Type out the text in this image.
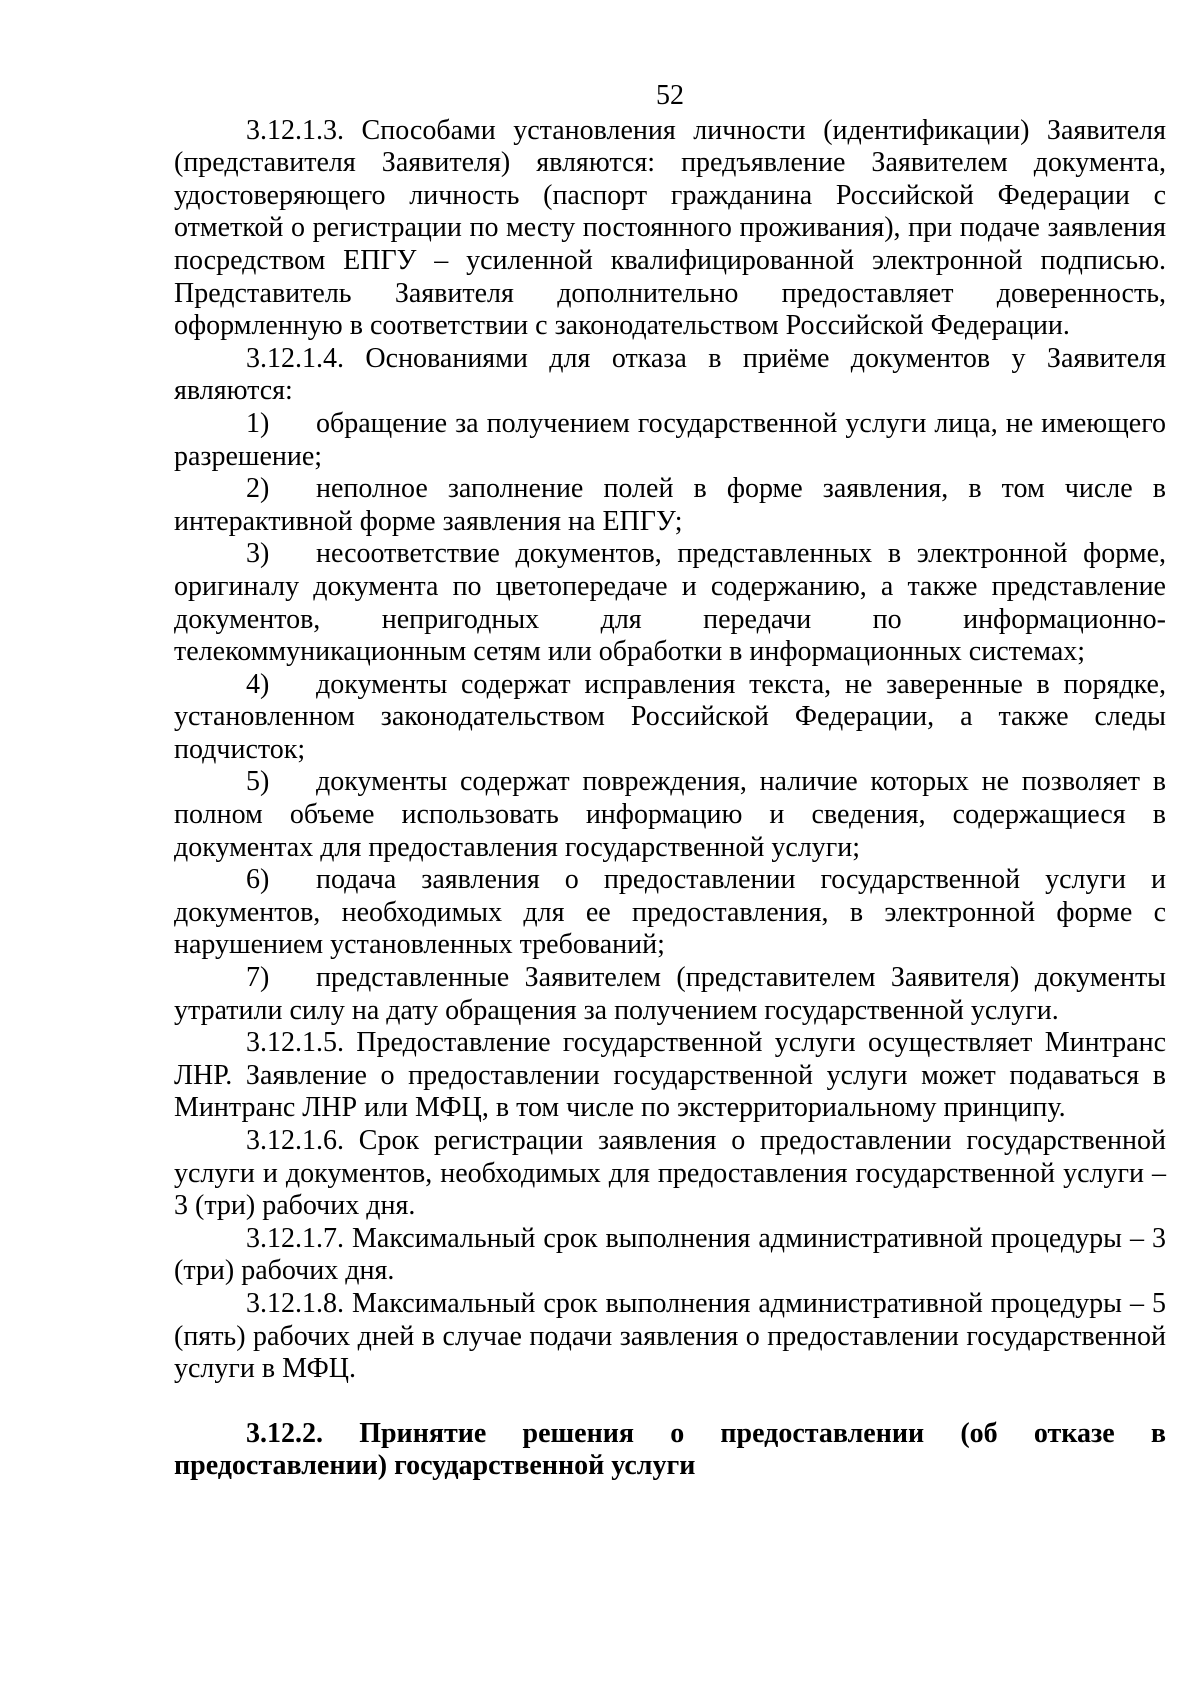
52

3.12.1.3. Способами установления личности (идентификации) Заявителя (представителя Заявителя) являются: предъявление Заявителем документа, удостоверяющего личность (паспорт гражданина Российской Федерации с отметкой о регистрации по месту постоянного проживания), при подаче заявления посредством ЕПГУ – усиленной квалифицированной электронной подписью. Представитель Заявителя дополнительно предоставляет доверенность, оформленную в соответствии с законодательством Российской Федерации.

3.12.1.4. Основаниями для отказа в приёме документов у Заявителя являются:

1) обращение за получением государственной услуги лица, не имеющего разрешение;

2) неполное заполнение полей в форме заявления, в том числе в интерактивной форме заявления на ЕПГУ;

3) несоответствие документов, представленных в электронной форме, оригиналу документа по цветопередаче и содержанию, а также представление документов, непригодных для передачи по информационно-телекоммуникационным сетям или обработки в информационных системах;

4) документы содержат исправления текста, не заверенные в порядке, установленном законодательством Российской Федерации, а также следы подчисток;

5) документы содержат повреждения, наличие которых не позволяет в полном объеме использовать информацию и сведения, содержащиеся в документах для предоставления государственной услуги;

6) подача заявления о предоставлении государственной услуги и документов, необходимых для ее предоставления, в электронной форме с нарушением установленных требований;

7) представленные Заявителем (представителем Заявителя) документы утратили силу на дату обращения за получением государственной услуги.

3.12.1.5. Предоставление государственной услуги осуществляет Минтранс ЛНР. Заявление о предоставлении государственной услуги может подаваться в Минтранс ЛНР или МФЦ, в том числе по экстерриториальному принципу.

3.12.1.6. Срок регистрации заявления о предоставлении государственной услуги и документов, необходимых для предоставления государственной услуги – 3 (три) рабочих дня.

3.12.1.7. Максимальный срок выполнения административной процедуры – 3 (три) рабочих дня.

3.12.1.8. Максимальный срок выполнения административной процедуры – 5 (пять) рабочих дней в случае подачи заявления о предоставлении государственной услуги в МФЦ.

3.12.2. Принятие решения о предоставлении (об отказе в предоставлении) государственной услуги
